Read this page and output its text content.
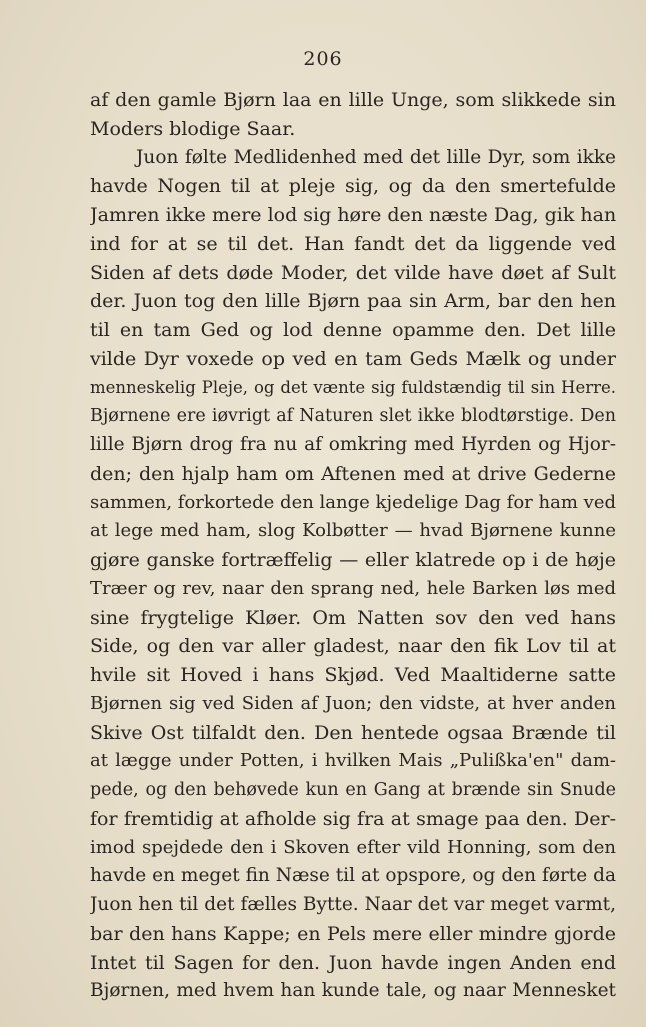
206
af den gamle Bjørn laa en lille Unge, som slikkede sin
Moders blodige Saar.
Juon følte Medlidenhed med det lille Dyr, som ikke
havde Nogen til at pleje sig, og da den smertefulde
Jamren ikke mere lod sig høre den næste Dag, gik han
ind for at se til det. Han fandt det da liggende ved
Siden af dets døde Moder, det vilde have døet af Sult
der. Juon tog den lille Bjørn paa sin Arm, bar den hen
til en tam Ged og lod denne opamme den. Det lille
vilde Dyr voxede op ved en tam Geds Mælk og under
menneskelig Pleje, og det vænte sig fuldstændig til sin Herre.
Bjørnene ere iøvrigt af Naturen slet ikke blodtørstige. Den
lille Bjørn drog fra nu af omkring med Hyrden og Hjor-
den; den hjalp ham om Aftenen med at drive Gederne
sammen, forkortede den lange kjedelige Dag for ham ved
at lege med ham, slog Kolbøtter — hvad Bjørnene kunne
gjøre ganske fortræffelig — eller klatrede op i de høje
Træer og rev, naar den sprang ned, hele Barken løs med
sine frygtelige Kløer. Om Natten sov den ved hans
Side, og den var aller gladest, naar den fik Lov til at
hvile sit Hoved i hans Skjød. Ved Maaltiderne satte
Bjørnen sig ved Siden af Juon; den vidste, at hver anden
Skive Ost tilfaldt den. Den hentede ogsaa Brænde til
at lægge under Potten, i hvilken Mais „Pulißka'en" dam-
pede, og den behøvede kun en Gang at brænde sin Snude
for fremtidig at afholde sig fra at smage paa den. Der-
imod spejdede den i Skoven efter vild Honning, som den
havde en meget fin Næse til at opspore, og den førte da
Juon hen til det fælles Bytte. Naar det var meget varmt,
bar den hans Kappe; en Pels mere eller mindre gjorde
Intet til Sagen for den. Juon havde ingen Anden end
Bjørnen, med hvem han kunde tale, og naar Mennesket
